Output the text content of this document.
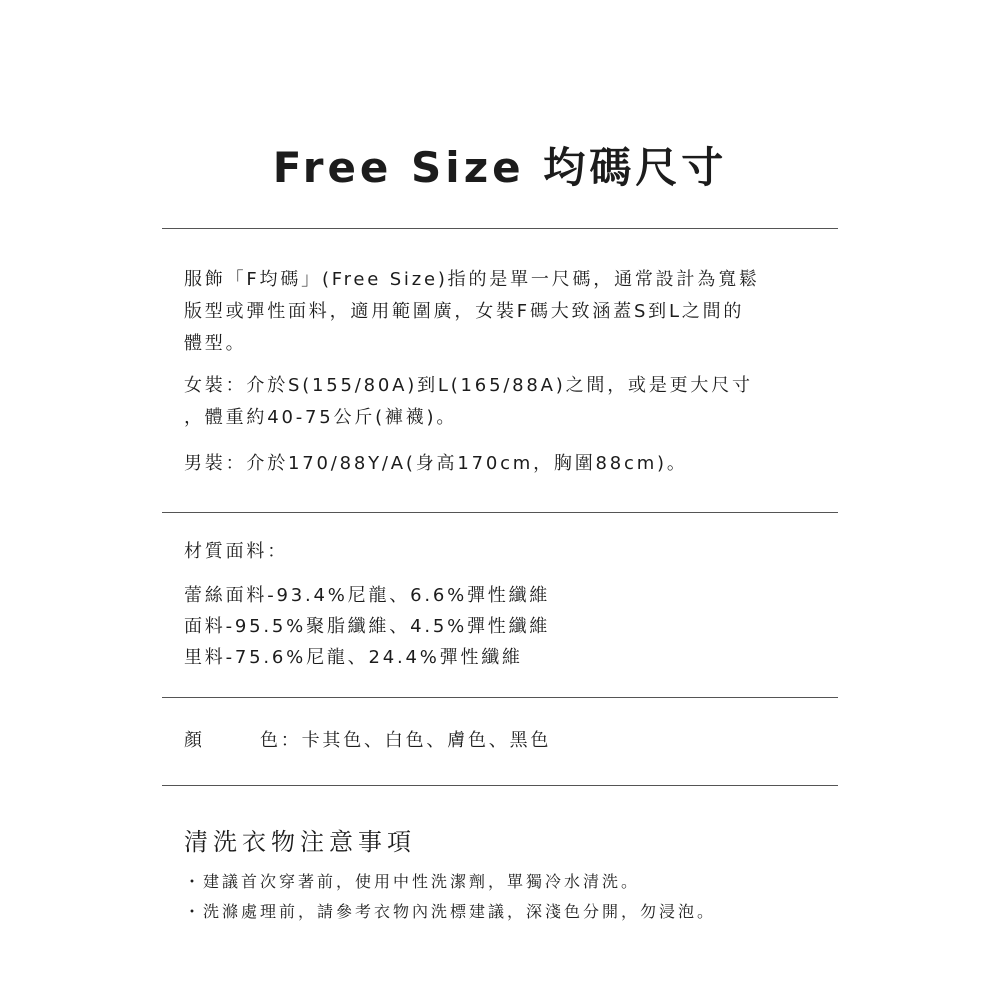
Free Size 均碼尺寸
服飾「F均碼」(Free Size)指的是單一尺碼，通常設計為寬鬆
版型或彈性面料，適用範圍廣，女裝F碼大致涵蓋S到L之間的
體型。
女裝：介於S(155/80A)到L(165/88A)之間，或是更大尺寸
，體重約40-75公斤(褲襪)。
男裝：介於170/88Y/A(身高170cm，胸圍88cm)。
材質面料：
蕾絲面料-93.4%尼龍、6.6%彈性纖維
面料-95.5%聚脂纖維、4.5%彈性纖維
里料-75.6%尼龍、24.4%彈性纖維
顏	色：卡其色、白色、膚色、黑色
清洗衣物注意事項
・建議首次穿著前，使用中性洗潔劑，單獨冷水清洗。
・洗滌處理前，請參考衣物內洗標建議，深淺色分開，勿浸泡。
